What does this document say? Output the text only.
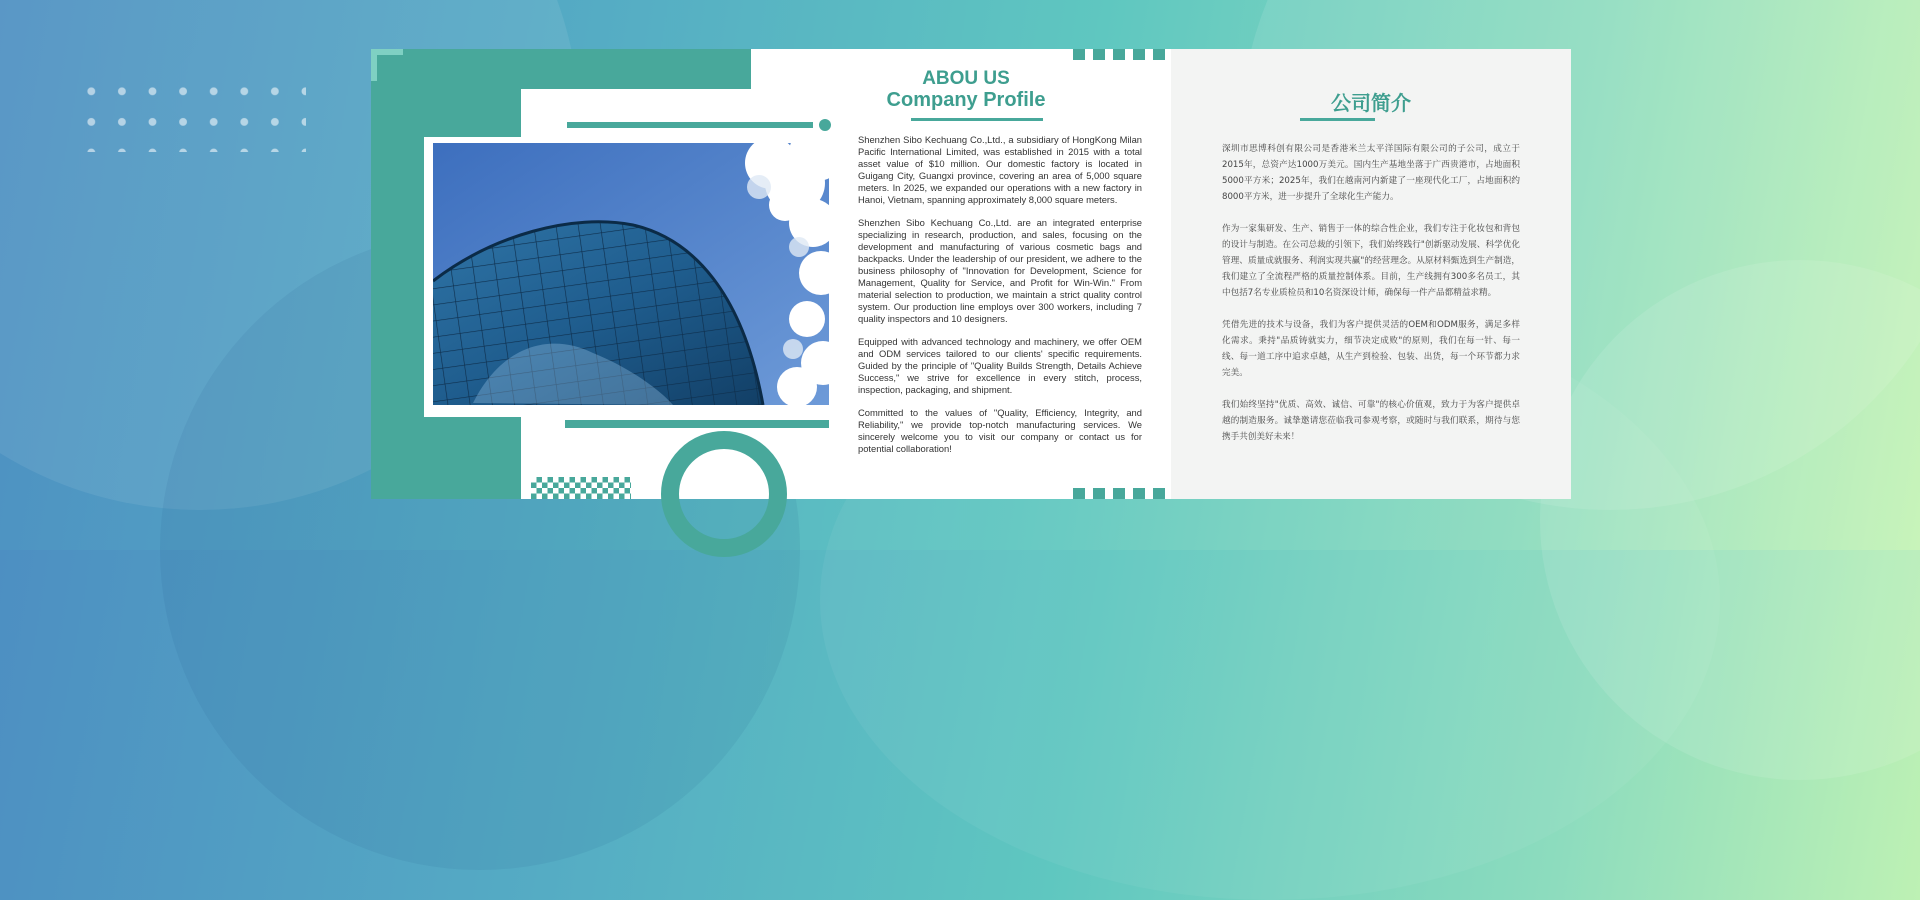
ABOU US
Company Profile

Shenzhen Sibo Kechuang Co.,Ltd., a subsidiary of HongKong Milan Pacific International Limited, was established in 2015 with a total asset value of $10 million. Our domestic factory is located in Guigang City, Guangxi province, covering an area of 5,000 square meters. In 2025, we expanded our operations with a new factory in Hanoi, Vietnam, spanning approximately 8,000 square meters.

Shenzhen Sibo Kechuang Co.,Ltd. are an integrated enterprise specializing in research, production, and sales, focusing on the development and manufacturing of various cosmetic bags and backpacks. Under the leadership of our president, we adhere to the business philosophy of "Innovation for Development, Science for Management, Quality for Service, and Profit for Win-Win." From material selection to production, we maintain a strict quality control system. Our production line employs over 300 workers, including 7 quality inspectors and 10 designers.

Equipped with advanced technology and machinery, we offer OEM and ODM services tailored to our clients' specific requirements. Guided by the principle of "Quality Builds Strength, Details Achieve Success," we strive for excellence in every stitch, process, inspection, packaging, and shipment.

Committed to the values of "Quality, Efficiency, Integrity, and Reliability," we provide top-notch manufacturing services. We sincerely welcome you to visit our company or contact us for potential collaboration!

公司简介

深圳市思博科创有限公司是香港米兰太平洋国际有限公司的子公司，成立于2015年，总资产达1000万美元。国内生产基地坐落于广西贵港市，占地面积5000平方米；2025年，我们在越南河内新建了一座现代化工厂，占地面积约8000平方米，进一步提升了全球化生产能力。

作为一家集研发、生产、销售于一体的综合性企业，我们专注于化妆包和背包的设计与制造。在公司总裁的引领下，我们始终践行"创新驱动发展、科学优化管理、质量成就服务、利润实现共赢"的经营理念。从原材料甄选到生产制造，我们建立了全流程严格的质量控制体系。目前，生产线拥有300多名员工，其中包括7名专业质检员和10名资深设计师，确保每一件产品都精益求精。

凭借先进的技术与设备，我们为客户提供灵活的OEM和ODM服务，满足多样化需求。秉持"品质铸就实力，细节决定成败"的原则，我们在每一针、每一线、每一道工序中追求卓越，从生产到检验、包装、出货，每一个环节都力求完美。

我们始终坚持"优质、高效、诚信、可靠"的核心价值观，致力于为客户提供卓越的制造服务。诚挚邀请您莅临我司参观考察，或随时与我们联系，期待与您携手共创美好未来！
